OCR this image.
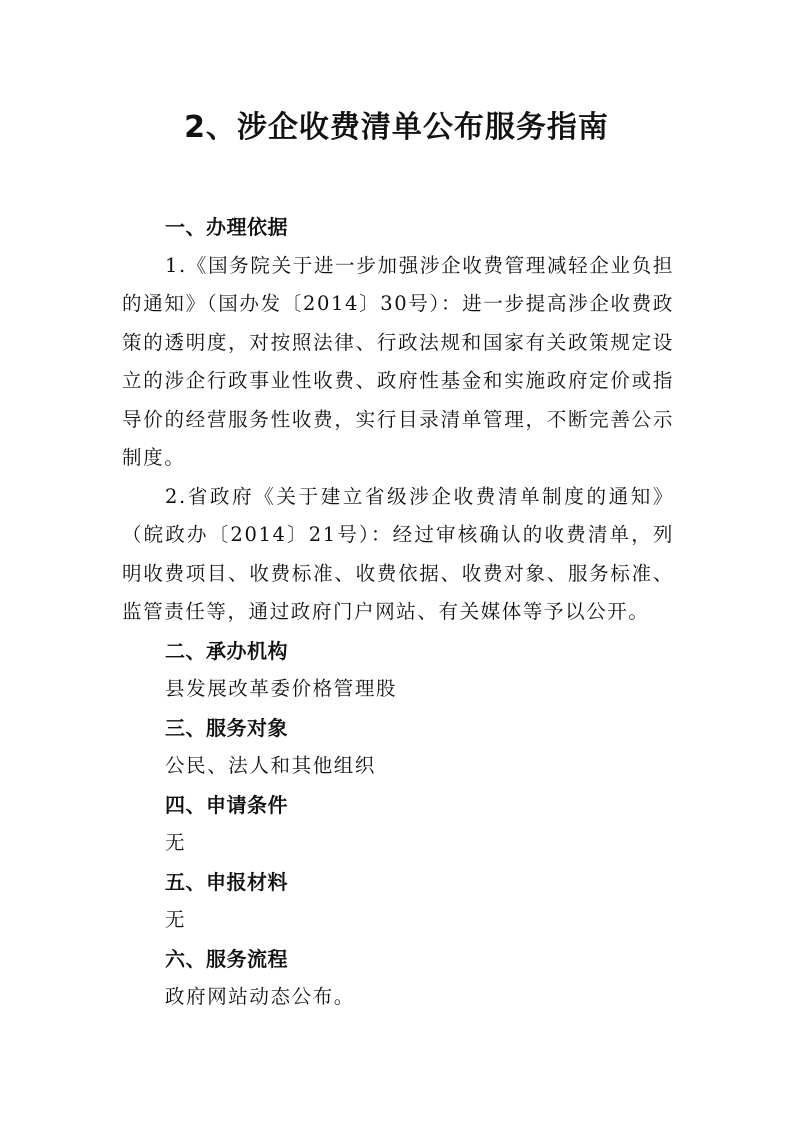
2、涉企收费清单公布服务指南
一、办理依据

1.《国务院关于进一步加强涉企收费管理减轻企业负担的通知》（国办发〔2014〕30号）：进一步提高涉企收费政策的透明度，对按照法律、行政法规和国家有关政策规定设立的涉企行政事业性收费、政府性基金和实施政府定价或指导价的经营服务性收费，实行目录清单管理，不断完善公示制度。

2.省政府《关于建立省级涉企收费清单制度的通知》（皖政办〔2014〕21号）：经过审核确认的收费清单，列明收费项目、收费标准、收费依据、收费对象、服务标准、监管责任等，通过政府门户网站、有关媒体等予以公开。

二、承办机构

县发展改革委价格管理股

三、服务对象

公民、法人和其他组织

四、申请条件

无

五、申报材料

无

六、服务流程

政府网站动态公布。
